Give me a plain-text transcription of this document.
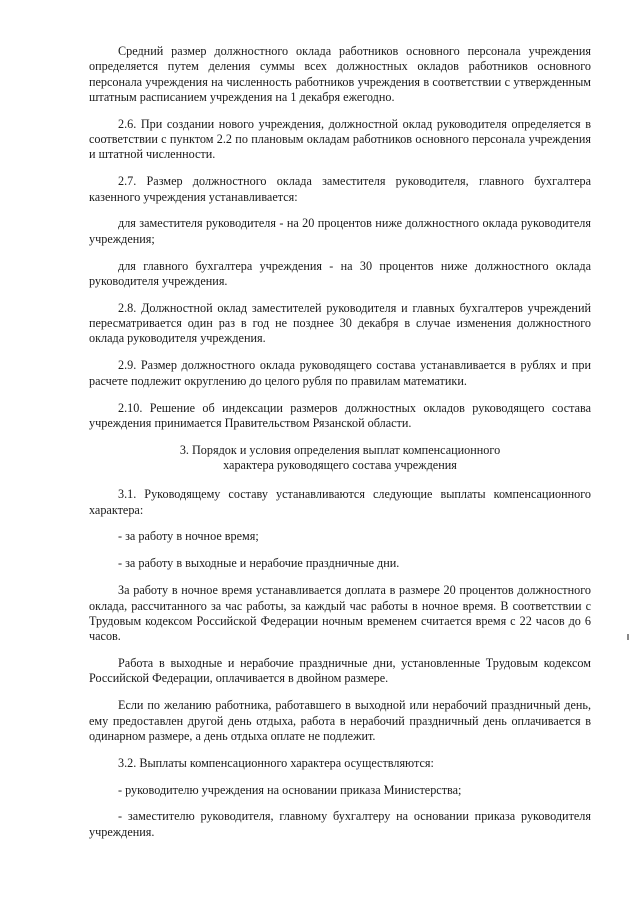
Средний размер должностного оклада работников основного персонала учреждения определяется путем деления суммы всех должностных окладов работников основного персонала учреждения на численность работников учреждения в соответствии с утвержденным штатным расписанием учреждения на 1 декабря ежегодно.

2.6. При создании нового учреждения, должностной оклад руководителя определяется в соответствии с пунктом 2.2 по плановым окладам работников основного персонала учреждения и штатной численности.

2.7. Размер должностного оклада заместителя руководителя, главного бухгалтера казенного учреждения устанавливается:

для заместителя руководителя - на 20 процентов ниже должностного оклада руководителя учреждения;

для главного бухгалтера учреждения - на 30 процентов ниже должностного оклада руководителя учреждения.

2.8. Должностной оклад заместителей руководителя и главных бухгалтеров учреждений пересматривается один раз в год не позднее 30 декабря в случае изменения должностного оклада руководителя учреждения.

2.9. Размер должностного оклада руководящего состава устанавливается в рублях и при расчете подлежит округлению до целого рубля по правилам математики.

2.10. Решение об индексации размеров должностных окладов руководящего состава учреждения принимается Правительством Рязанской области.

3. Порядок и условия определения выплат компенсационного
характера руководящего состава учреждения

3.1. Руководящему составу устанавливаются следующие выплаты компенсационного характера:

- за работу в ночное время;

- за работу в выходные и нерабочие праздничные дни.

За работу в ночное время устанавливается доплата в размере 20 процентов должностного оклада, рассчитанного за час работы, за каждый час работы в ночное время. В соответствии с Трудовым кодексом Российской Федерации ночным временем считается время с 22 часов до 6 часов.

Работа в выходные и нерабочие праздничные дни, установленные Трудовым кодексом Российской Федерации, оплачивается в двойном размере.

Если по желанию работника, работавшего в выходной или нерабочий праздничный день, ему предоставлен другой день отдыха, работа в нерабочий праздничный день оплачивается в одинарном размере, а день отдыха оплате не подлежит.

3.2. Выплаты компенсационного характера осуществляются:

- руководителю учреждения на основании приказа Министерства;

- заместителю руководителя, главному бухгалтеру на основании приказа руководителя учреждения.
